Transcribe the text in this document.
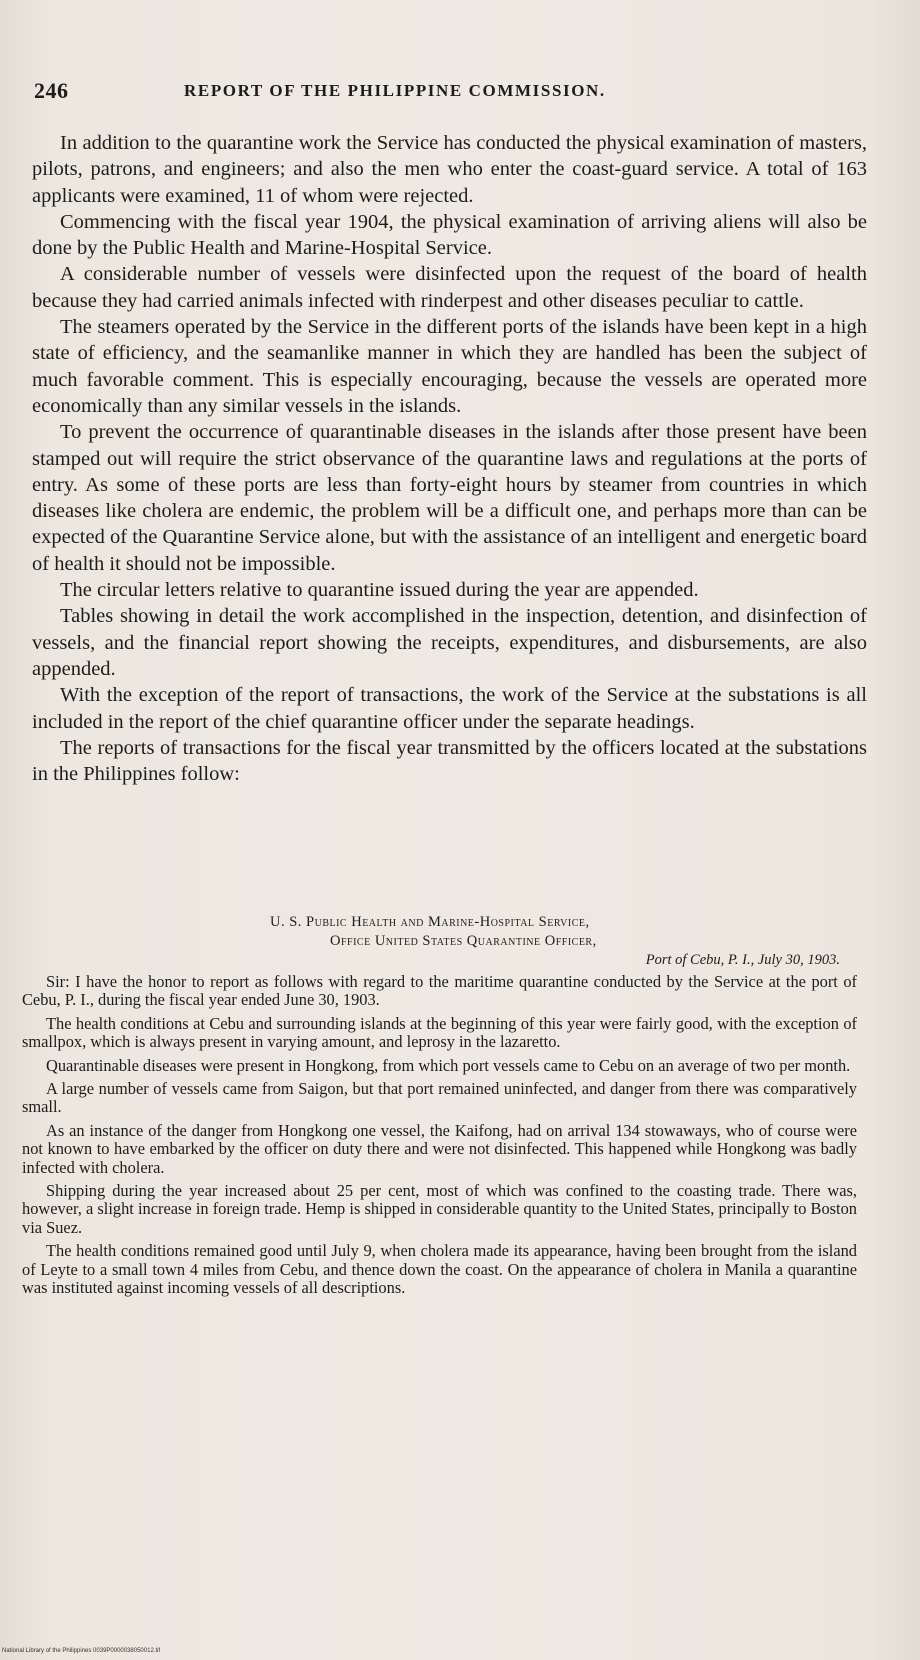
246	REPORT OF THE PHILIPPINE COMMISSION.

In addition to the quarantine work the Service has conducted the physical examination of masters, pilots, patrons, and engineers; and also the men who enter the coast-guard service. A total of 163 applicants were examined, 11 of whom were rejected.

Commencing with the fiscal year 1904, the physical examination of arriving aliens will also be done by the Public Health and Marine-Hospital Service.

A considerable number of vessels were disinfected upon the request of the board of health because they had carried animals infected with rinderpest and other diseases peculiar to cattle.

The steamers operated by the Service in the different ports of the islands have been kept in a high state of efficiency, and the seamanlike manner in which they are handled has been the subject of much favorable comment. This is especially encouraging, because the vessels are operated more economically than any similar vessels in the islands.

To prevent the occurrence of quarantinable diseases in the islands after those present have been stamped out will require the strict observance of the quarantine laws and regulations at the ports of entry. As some of these ports are less than forty-eight hours by steamer from countries in which diseases like cholera are endemic, the problem will be a difficult one, and perhaps more than can be expected of the Quarantine Service alone, but with the assistance of an intelligent and energetic board of health it should not be impossible.

The circular letters relative to quarantine issued during the year are appended.

Tables showing in detail the work accomplished in the inspection, detention, and disinfection of vessels, and the financial report showing the receipts, expenditures, and disbursements, are also appended.

With the exception of the report of transactions, the work of the Service at the substations is all included in the report of the chief quarantine officer under the separate headings.

The reports of transactions for the fiscal year transmitted by the officers located at the substations in the Philippines follow:

U. S. Public Health and Marine-Hospital Service,
Office United States Quarantine Officer,
Port of Cebu, P. I., July 30, 1903.

Sir: I have the honor to report as follows with regard to the maritime quarantine conducted by the Service at the port of Cebu, P. I., during the fiscal year ended June 30, 1903.

The health conditions at Cebu and surrounding islands at the beginning of this year were fairly good, with the exception of smallpox, which is always present in varying amount, and leprosy in the lazaretto.

Quarantinable diseases were present in Hongkong, from which port vessels came to Cebu on an average of two per month.

A large number of vessels came from Saigon, but that port remained uninfected, and danger from there was comparatively small.

As an instance of the danger from Hongkong one vessel, the Kaifong, had on arrival 134 stowaways, who of course were not known to have embarked by the officer on duty there and were not disinfected. This happened while Hongkong was badly infected with cholera.

Shipping during the year increased about 25 per cent, most of which was confined to the coasting trade. There was, however, a slight increase in foreign trade. Hemp is shipped in considerable quantity to the United States, principally to Boston via Suez.

The health conditions remained good until July 9, when cholera made its appearance, having been brought from the island of Leyte to a small town 4 miles from Cebu, and thence down the coast. On the appearance of cholera in Manila a quarantine was instituted against incoming vessels of all descriptions.

National Library of the Philippines 0039P0000038050012.tif
